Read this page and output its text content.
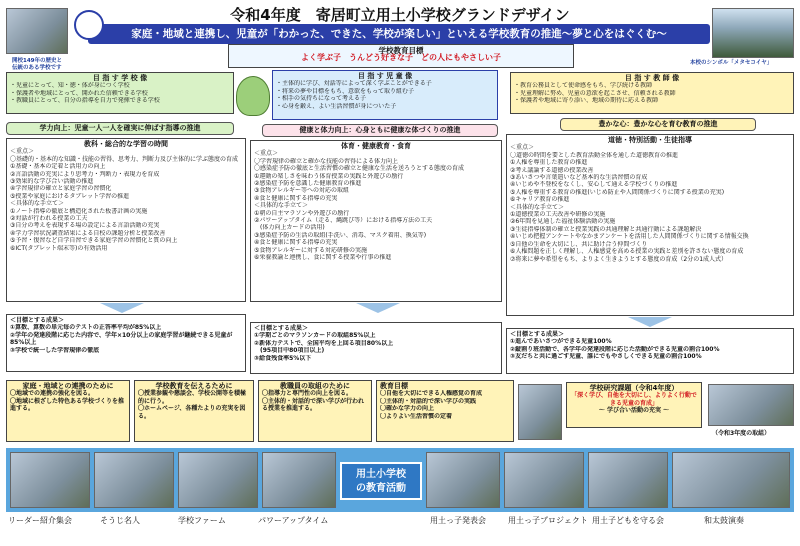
令和4年度　寄居町立用土小学校グランドデザイン
家庭・地域と連携し、児童が「わかった、できた、学校が楽しい」といえる学校教育の推進～夢と心をはぐくむ～
開校149年の歴史と
伝統のある学校です
本校のシンボル「メタセコイヤ」
学校教育目標
よく学ぶ子　うんどう好きな子　どの人にもやさしい子
目 指 す 学 校 像
・児童にとって、知・徳・体が身につく学校
・保護者や地域にとって、開かれた信頼できる学校
・教職員にとって、自分の指導を自力で発揮できる学校
目 指 す 児 童 像
・主体的に学び、対話等によって深く学ぶことができる子
・将来の夢や目標をもち、意欲をもって取り組む子
・相手の気持ちになって考える子
・心身を鍛え、よい生活習慣が身についた子
目 指 す 教 師 像
・教育公務員として使命感をもち、学び続ける教師
・児童理解に努め、児童の意欲を起こさせ、信頼される教師
・保護者や地域に寄り添い、地域の期待に応える教師
学力向上：児童一人一人を確実に伸ばす指導の推進	健康と体力向上：心身ともに健康な体づくりの推進
豊かな心：豊かな心を育む教育の推進
教科・総合的な学習の時間
＜重点＞
〇基礎的・基本的な知識・技能の習得、思考力、判断力及び主体的に学ぶ態度の育成
①基礎・基本の定着と活用力の向上
②言語活動の充実により思考力・判断力・表現力を育成
③効果的な学び合い活動の推進
④学習規律の確立と家庭学習の習慣化
⑤授業や家庭におけるタブレット学習の推進
＜具体的な手立て＞
①ノート指導の徹底と構造化された板書計画の実施
②対話が行われる授業の工夫
③自分の考えを表現する場の設定による言語活動の充実
④学力学習状況調査結果による自校の課題分析と授業改善
⑤予習・復習など自学自習できる家庭学習の習慣化と質の向上
⑥ICT(タブレット端末等)の有効活用
体育・健康教育・食育
＜重点＞
〇学習規律の確立と確かな技能の習得による体力向上
〇感染症予防の徹底と生活習慣の確立と健康な生活を送ろうとする態度の育成
①運動の楽しさを味わう体育授業の実践と外遊びの励行
②感染症予防を意識した健康教育の推進
③食物アレルギー等への対応の取組
④食と健康に関する指導の充実
＜具体的な手立て＞
①朝の自主マラソンや外遊びの励行
②パワーアップタイム（走る、縄跳び等）における指導方法の工夫
　(体力向上カードの活用)
③感染症予防の生活の取組(手洗い、消毒、マスク着用、換気等)
④食と健康に関する指導の充実
⑤食物アレルギーに対する対応研修の実施
⑥栄養教諭と連携し、食に関する授業や行事の推進
道徳・特別活動・生徒指導
＜重点＞
〇道徳の時間を要とした教育活動全体を通した道徳教育の推進
①人権を尊重した教育の推進
②考え議論する道徳の授業改善
③あいさつや言葉遣いなど基本的な生活習慣の育成
④いじめや不登校をなくし、安心して通える学校づくりの推進
⑤人権を尊重する教育の推進(いじめ防止や人間関係づくりに関する授業の充実)
⑥キャリア教育の推進
＜具体的な手立て＞
①道徳授業の工夫改善や研修の実施
②6年間を見通した福祉体験活動の実施
③生徒指導体制の確立と授業実践の共通理解と共通行動による課題解決
④いじめ把握アンケートやなかまアンケートを活用した人間関係づくりに関する情報交換
⑤自他の生命を大切にし、共に助け合う仲間づくり
⑥人権問題を正しく理解し、人権感覚を高める授業の実践と差別を許さない態度の育成
⑦将来に夢や希望をもち、よりよく生きようとする態度の育成（2分の1成人式）
＜目標とする成果＞
①算数、算数の単元毎のテストの正答率平均が85%以上
②学年の発達段階に応じた内容で、学年×10分以上の家庭学習が継続できる児童が85%以上
③学校で統一した学習規律の徹底
＜目標とする成果＞
①学期ごとのマラソンカードの取組85%以上
②新体力テストで、全国平均を上回る項目80%以上
　(95項目中80項目以上)
③給食残食率5%以下
＜目標とする成果＞
①進んであいさつができる児童100%
②縦割り班活動で、各学年の発達段階に応じた活動ができる児童の割合100%
③友だちと共に過ごす児童、誰にでもやさしくできる児童の割合100%
家庭・地域との連携のために
〇地域での連携の強化を図る。
〇地域に根ざした特色ある学校づくりを推進する。
学校教育を伝えるために
〇授業参観や懇談会、学校公開等を積極的に行う。
〇ホームページ、各種たよりの充実を図る。
教職員の取組のために
〇指導力と専門性の向上を図る。
〇主体的・対話的で深い学びが行われる授業を推進する。
教育目標
〇自他を大切にできる人権感覚の育成
〇主体的・対話的で深い学びの実践
〇確かな学力の向上
〇よりよい生活習慣の定着
学校研究課題（令和4年度）
「深く学び、自他を大切にし、よりよく行動できる児童の育成」
～ 学び合い活動の充実 ～
（令和3年度の取組）
用土小学校
の教育活動
リーダー紹介集会	そうじ名人	学校ファーム	パワーアップタイム	用土っ子発表会	用土っ子プロジェクト 用土子どもを守る会	和太鼓演奏
